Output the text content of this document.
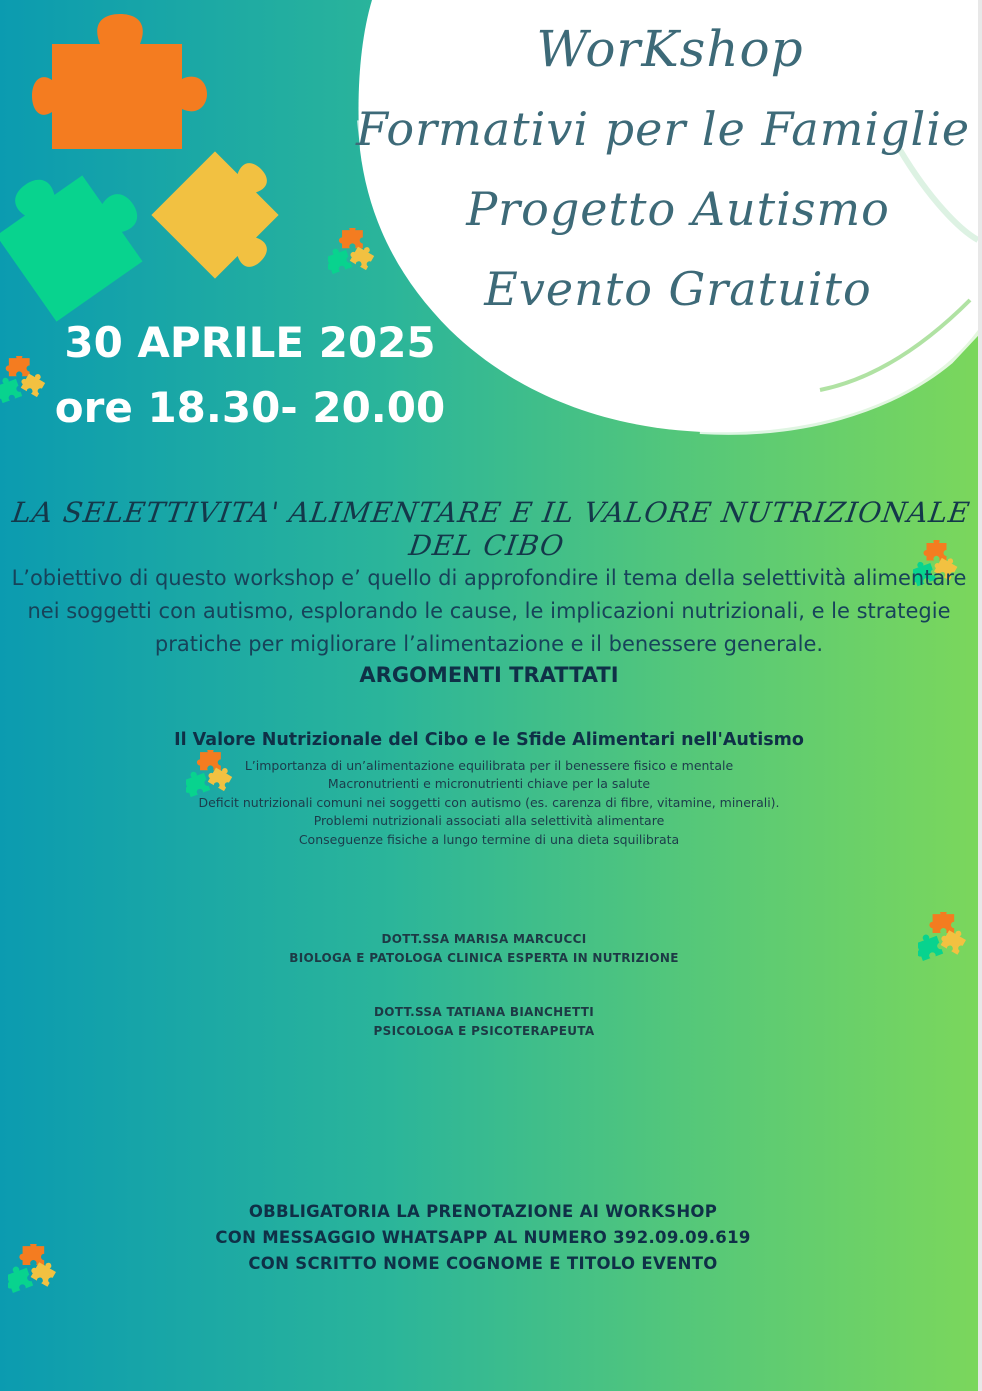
WorKshop
Formativi per le Famiglie
Progetto Autismo
Evento Gratuito
30 APRILE 2025
ore 18.30- 20.00
LA SELETTIVITA' ALIMENTARE E IL VALORE NUTRIZIONALE DEL CIBO
L’obiettivo di questo workshop e’ quello di approfondire il tema della selettività alimentare
nei soggetti con autismo, esplorando le cause, le implicazioni nutrizionali, e le strategie
pratiche per migliorare l’alimentazione e il benessere generale.
ARGOMENTI TRATTATI
Il Valore Nutrizionale del Cibo e le Sfide Alimentari nell'Autismo
L’importanza di un’alimentazione equilibrata per il benessere fisico e mentale
Macronutrienti e micronutrienti chiave per la salute
Deficit nutrizionali comuni nei soggetti con autismo (es. carenza di fibre, vitamine, minerali).
Problemi nutrizionali associati alla selettività alimentare
Conseguenze fisiche a lungo termine di una dieta squilibrata
DOTT.SSA MARISA MARCUCCI
BIOLOGA E PATOLOGA CLINICA ESPERTA IN NUTRIZIONE
DOTT.SSA TATIANA BIANCHETTI
PSICOLOGA E PSICOTERAPEUTA
OBBLIGATORIA LA PRENOTAZIONE AI WORKSHOP
CON MESSAGGIO WHATSAPP AL NUMERO 392.09.09.619
CON SCRITTO NOME COGNOME E TITOLO EVENTO
